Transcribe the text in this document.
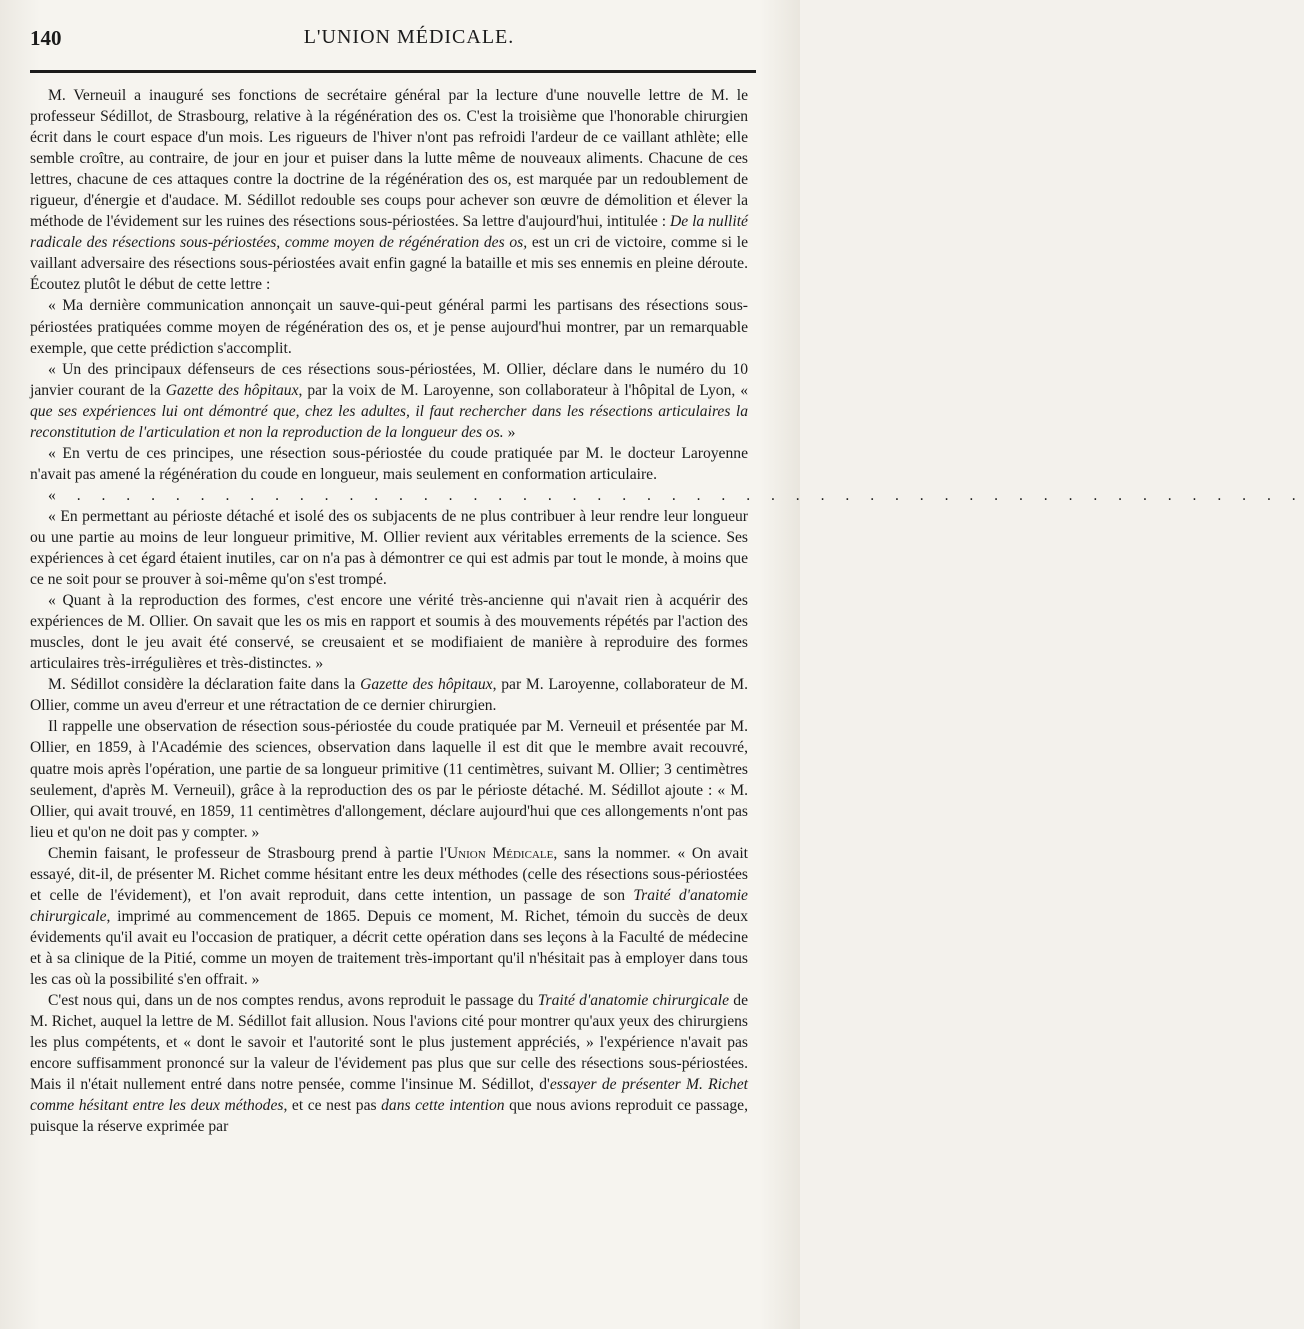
140	L'UNION MÉDICALE.

M. Verneuil a inauguré ses fonctions de secrétaire général par la lecture d'une nouvelle lettre de M. le professeur Sédillot, de Strasbourg, relative à la régénération des os. C'est la troisième que l'honorable chirurgien écrit dans le court espace d'un mois. Les rigueurs de l'hiver n'ont pas refroidi l'ardeur de ce vaillant athlète; elle semble croître, au contraire, de jour en jour et puiser dans la lutte même de nouveaux aliments. Chacune de ces lettres, chacune de ces attaques contre la doctrine de la régénération des os, est marquée par un redoublement de rigueur, d'énergie et d'audace. M. Sédillot redouble ses coups pour achever son œuvre de démolition et élever la méthode de l'évidement sur les ruines des résections sous-périostées. Sa lettre d'aujourd'hui, intitulée : De la nullité radicale des résections sous-périostées, comme moyen de régénération des os, est un cri de victoire, comme si le vaillant adversaire des résections sous-périostées avait enfin gagné la bataille et mis ses ennemis en pleine déroute. Écoutez plutôt le début de cette lettre :

« Ma dernière communication annonçait un sauve-qui-peut général parmi les partisans des résections sous-périostées pratiquées comme moyen de régénération des os, et je pense aujourd'hui montrer, par un remarquable exemple, que cette prédiction s'accomplit.

« Un des principaux défenseurs de ces résections sous-périostées, M. Ollier, déclare dans le numéro du 10 janvier courant de la Gazette des hôpitaux, par la voix de M. Laroyenne, son collaborateur à l'hôpital de Lyon, « que ses expériences lui ont démontré que, chez les adultes, il faut rechercher dans les résections articulaires la reconstitution de l'articulation et non la reproduction de la longueur des os. »

« En vertu de ces principes, une résection sous-périostée du coude pratiquée par M. le docteur Laroyenne n'avait pas amené la régénération du coude en longueur, mais seulement en conformation articulaire.

« . . . . . . . . . . . . . . . . . . . . . . . . . . . . . . . . . . . . . . . . . . . . . . . . . .

« En permettant au périoste détaché et isolé des os subjacents de ne plus contribuer à leur rendre leur longueur ou une partie au moins de leur longueur primitive, M. Ollier revient aux véritables errements de la science. Ses expériences à cet égard étaient inutiles, car on n'a pas à démontrer ce qui est admis par tout le monde, à moins que ce ne soit pour se prouver à soi-même qu'on s'est trompé.

« Quant à la reproduction des formes, c'est encore une vérité très-ancienne qui n'avait rien à acquérir des expériences de M. Ollier. On savait que les os mis en rapport et soumis à des mouvements répétés par l'action des muscles, dont le jeu avait été conservé, se creusaient et se modifiaient de manière à reproduire des formes articulaires très-irrégulières et très-distinctes. »

M. Sédillot considère la déclaration faite dans la Gazette des hôpitaux, par M. Laroyenne, collaborateur de M. Ollier, comme un aveu d'erreur et une rétractation de ce dernier chirurgien.

Il rappelle une observation de résection sous-périostée du coude pratiquée par M. Verneuil et présentée par M. Ollier, en 1859, à l'Académie des sciences, observation dans laquelle il est dit que le membre avait recouvré, quatre mois après l'opération, une partie de sa longueur primitive (11 centimètres, suivant M. Ollier; 3 centimètres seulement, d'après M. Verneuil), grâce à la reproduction des os par le périoste détaché. M. Sédillot ajoute : « M. Ollier, qui avait trouvé, en 1859, 11 centimètres d'allongement, déclare aujourd'hui que ces allongements n'ont pas lieu et qu'on ne doit pas y compter. »

Chemin faisant, le professeur de Strasbourg prend à partie l'Union Médicale, sans la nommer. « On avait essayé, dit-il, de présenter M. Richet comme hésitant entre les deux méthodes (celle des résections sous-périostées et celle de l'évidement), et l'on avait reproduit, dans cette intention, un passage de son Traité d'anatomie chirurgicale, imprimé au commencement de 1865. Depuis ce moment, M. Richet, témoin du succès de deux évidements qu'il avait eu l'occasion de pratiquer, a décrit cette opération dans ses leçons à la Faculté de médecine et à sa clinique de la Pitié, comme un moyen de traitement très-important qu'il n'hésitait pas à employer dans tous les cas où la possibilité s'en offrait. »

C'est nous qui, dans un de nos comptes rendus, avons reproduit le passage du Traité d'anatomie chirurgicale de M. Richet, auquel la lettre de M. Sédillot fait allusion. Nous l'avions cité pour montrer qu'aux yeux des chirurgiens les plus compétents, et « dont le savoir et l'autorité sont le plus justement appréciés, » l'expérience n'avait pas encore suffisamment prononcé sur la valeur de l'évidement pas plus que sur celle des résections sous-périostées. Mais il n'était nullement entré dans notre pensée, comme l'insinue M. Sédillot, d'essayer de présenter M. Richet comme hésitant entre les deux méthodes, et ce nest pas dans cette intention que nous avions reproduit ce passage, puisque la réserve exprimée par
